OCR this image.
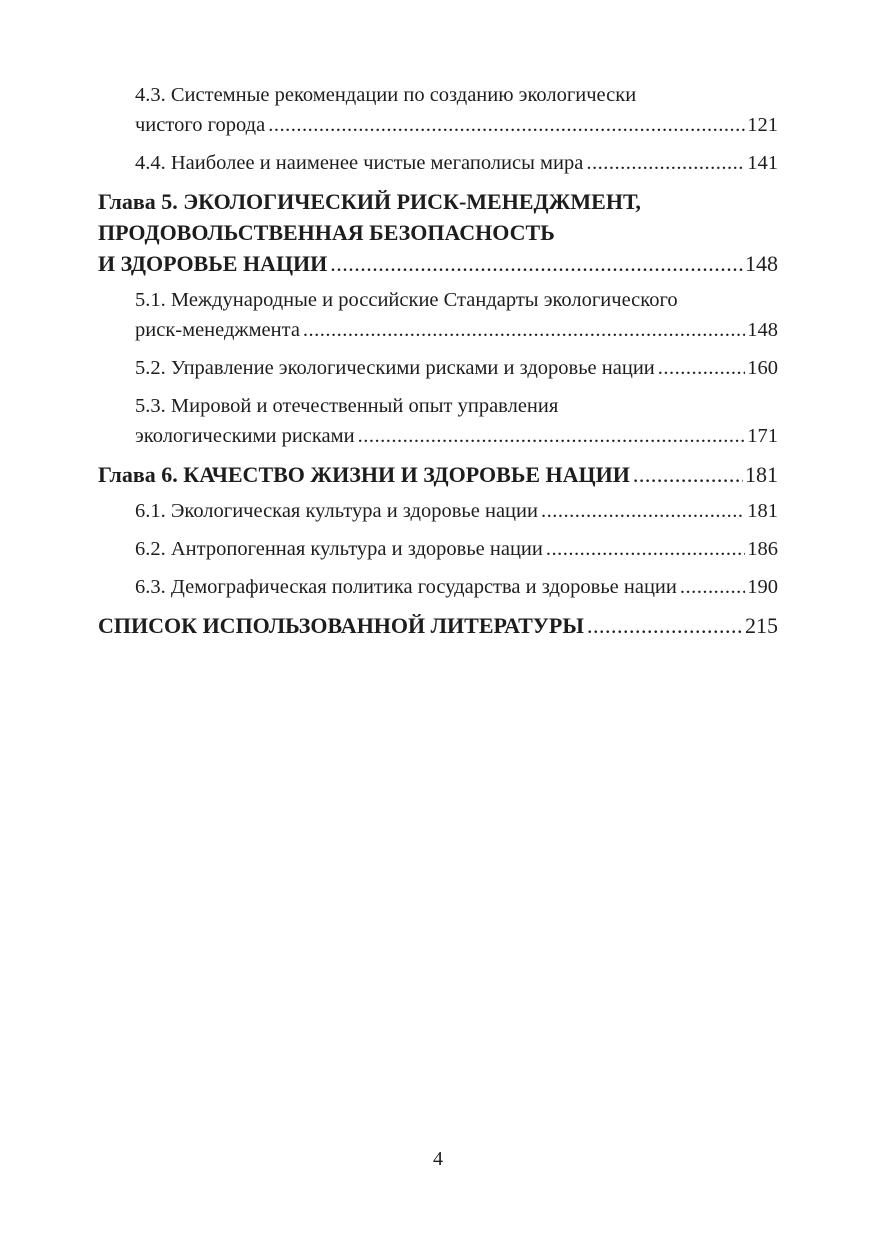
4.3. Системные рекомендации по созданию экологически
чистого города .....	121
4.4. Наиболее и наименее чистые мегаполисы мира .....	141
Глава 5. ЭКОЛОГИЧЕСКИЙ РИСК-МЕНЕДЖМЕНТ,
ПРОДОВОЛЬСТВЕННАЯ БЕЗОПАСНОСТЬ
И ЗДОРОВЬЕ НАЦИИ .....	148
5.1. Международные и российские Стандарты экологического
риск-менеджмента .....	148
5.2. Управление экологическими рисками и здоровье нации .....	160
5.3. Мировой и отечественный опыт управления
экологическими рисками .....	171
Глава 6. КАЧЕСТВО ЖИЗНИ И ЗДОРОВЬЕ НАЦИИ .....	181
6.1. Экологическая культура и здоровье нации .....	181
6.2. Антропогенная культура и здоровье нации .....	186
6.3. Демографическая политика государства и здоровье нации .....	190
СПИСОК ИСПОЛЬЗОВАННОЙ ЛИТЕРАТУРЫ .....	215
4
